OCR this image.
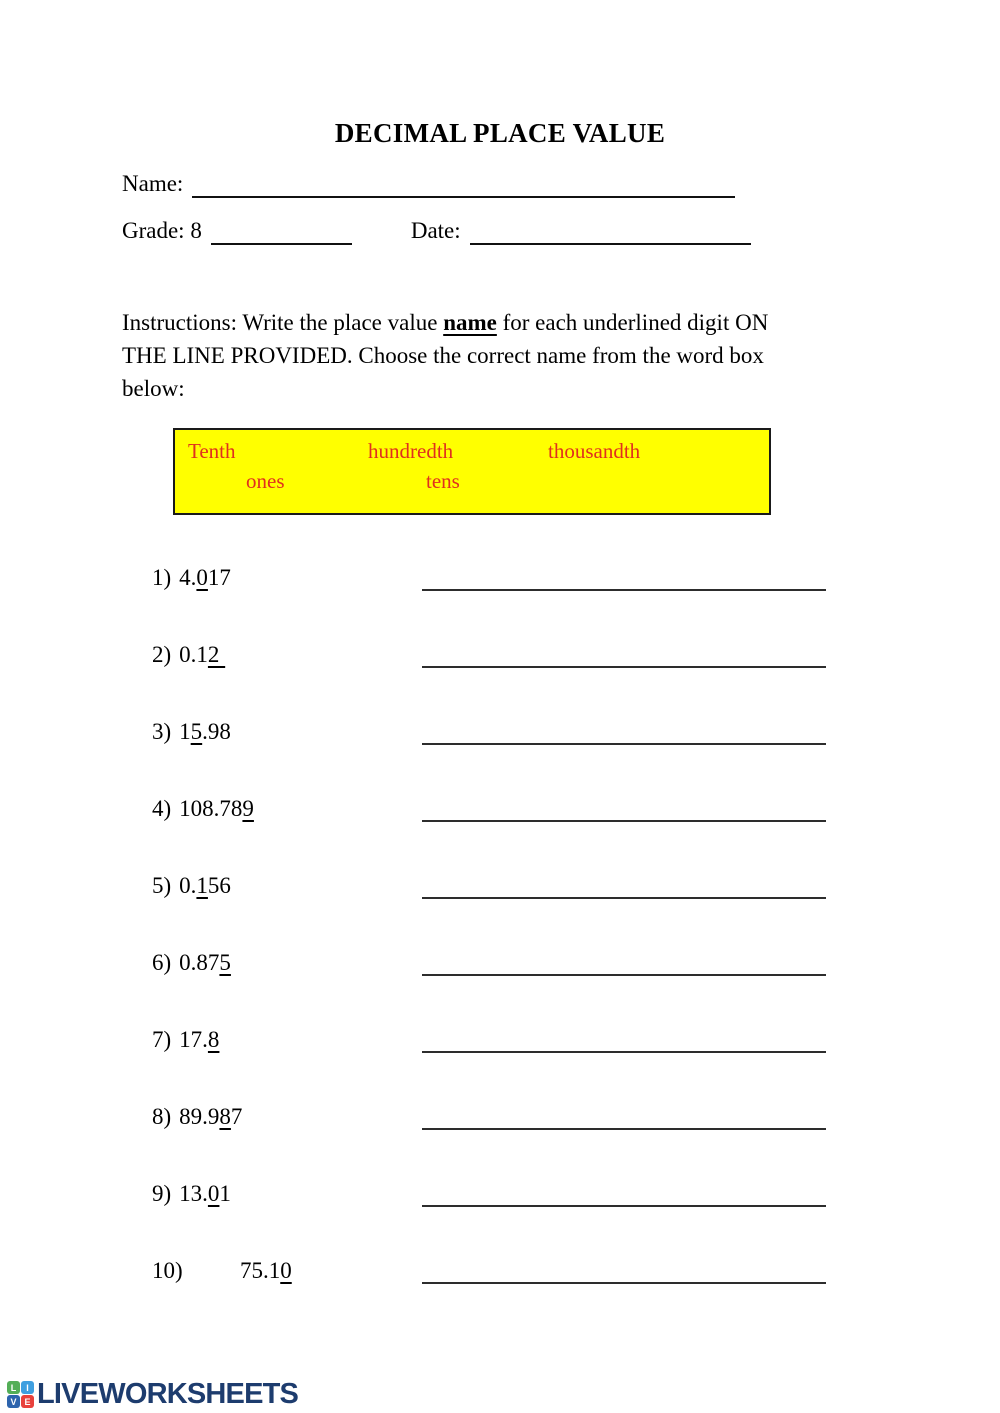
DECIMAL PLACE VALUE
Name:
Grade: 8	Date:
Instructions: Write the place value name for each underlined digit ON
THE LINE PROVIDED. Choose the correct name from the word box
below:
Tenth	hundredth	thousandth
ones	tens
1) 4.017
2) 0.12
3) 15.98
4) 108.789
5) 0.156
6) 0.875
7) 17.8
8) 89.987
9) 13.01
10) 75.10
L	I
V E LIVEWORKSHEETS
